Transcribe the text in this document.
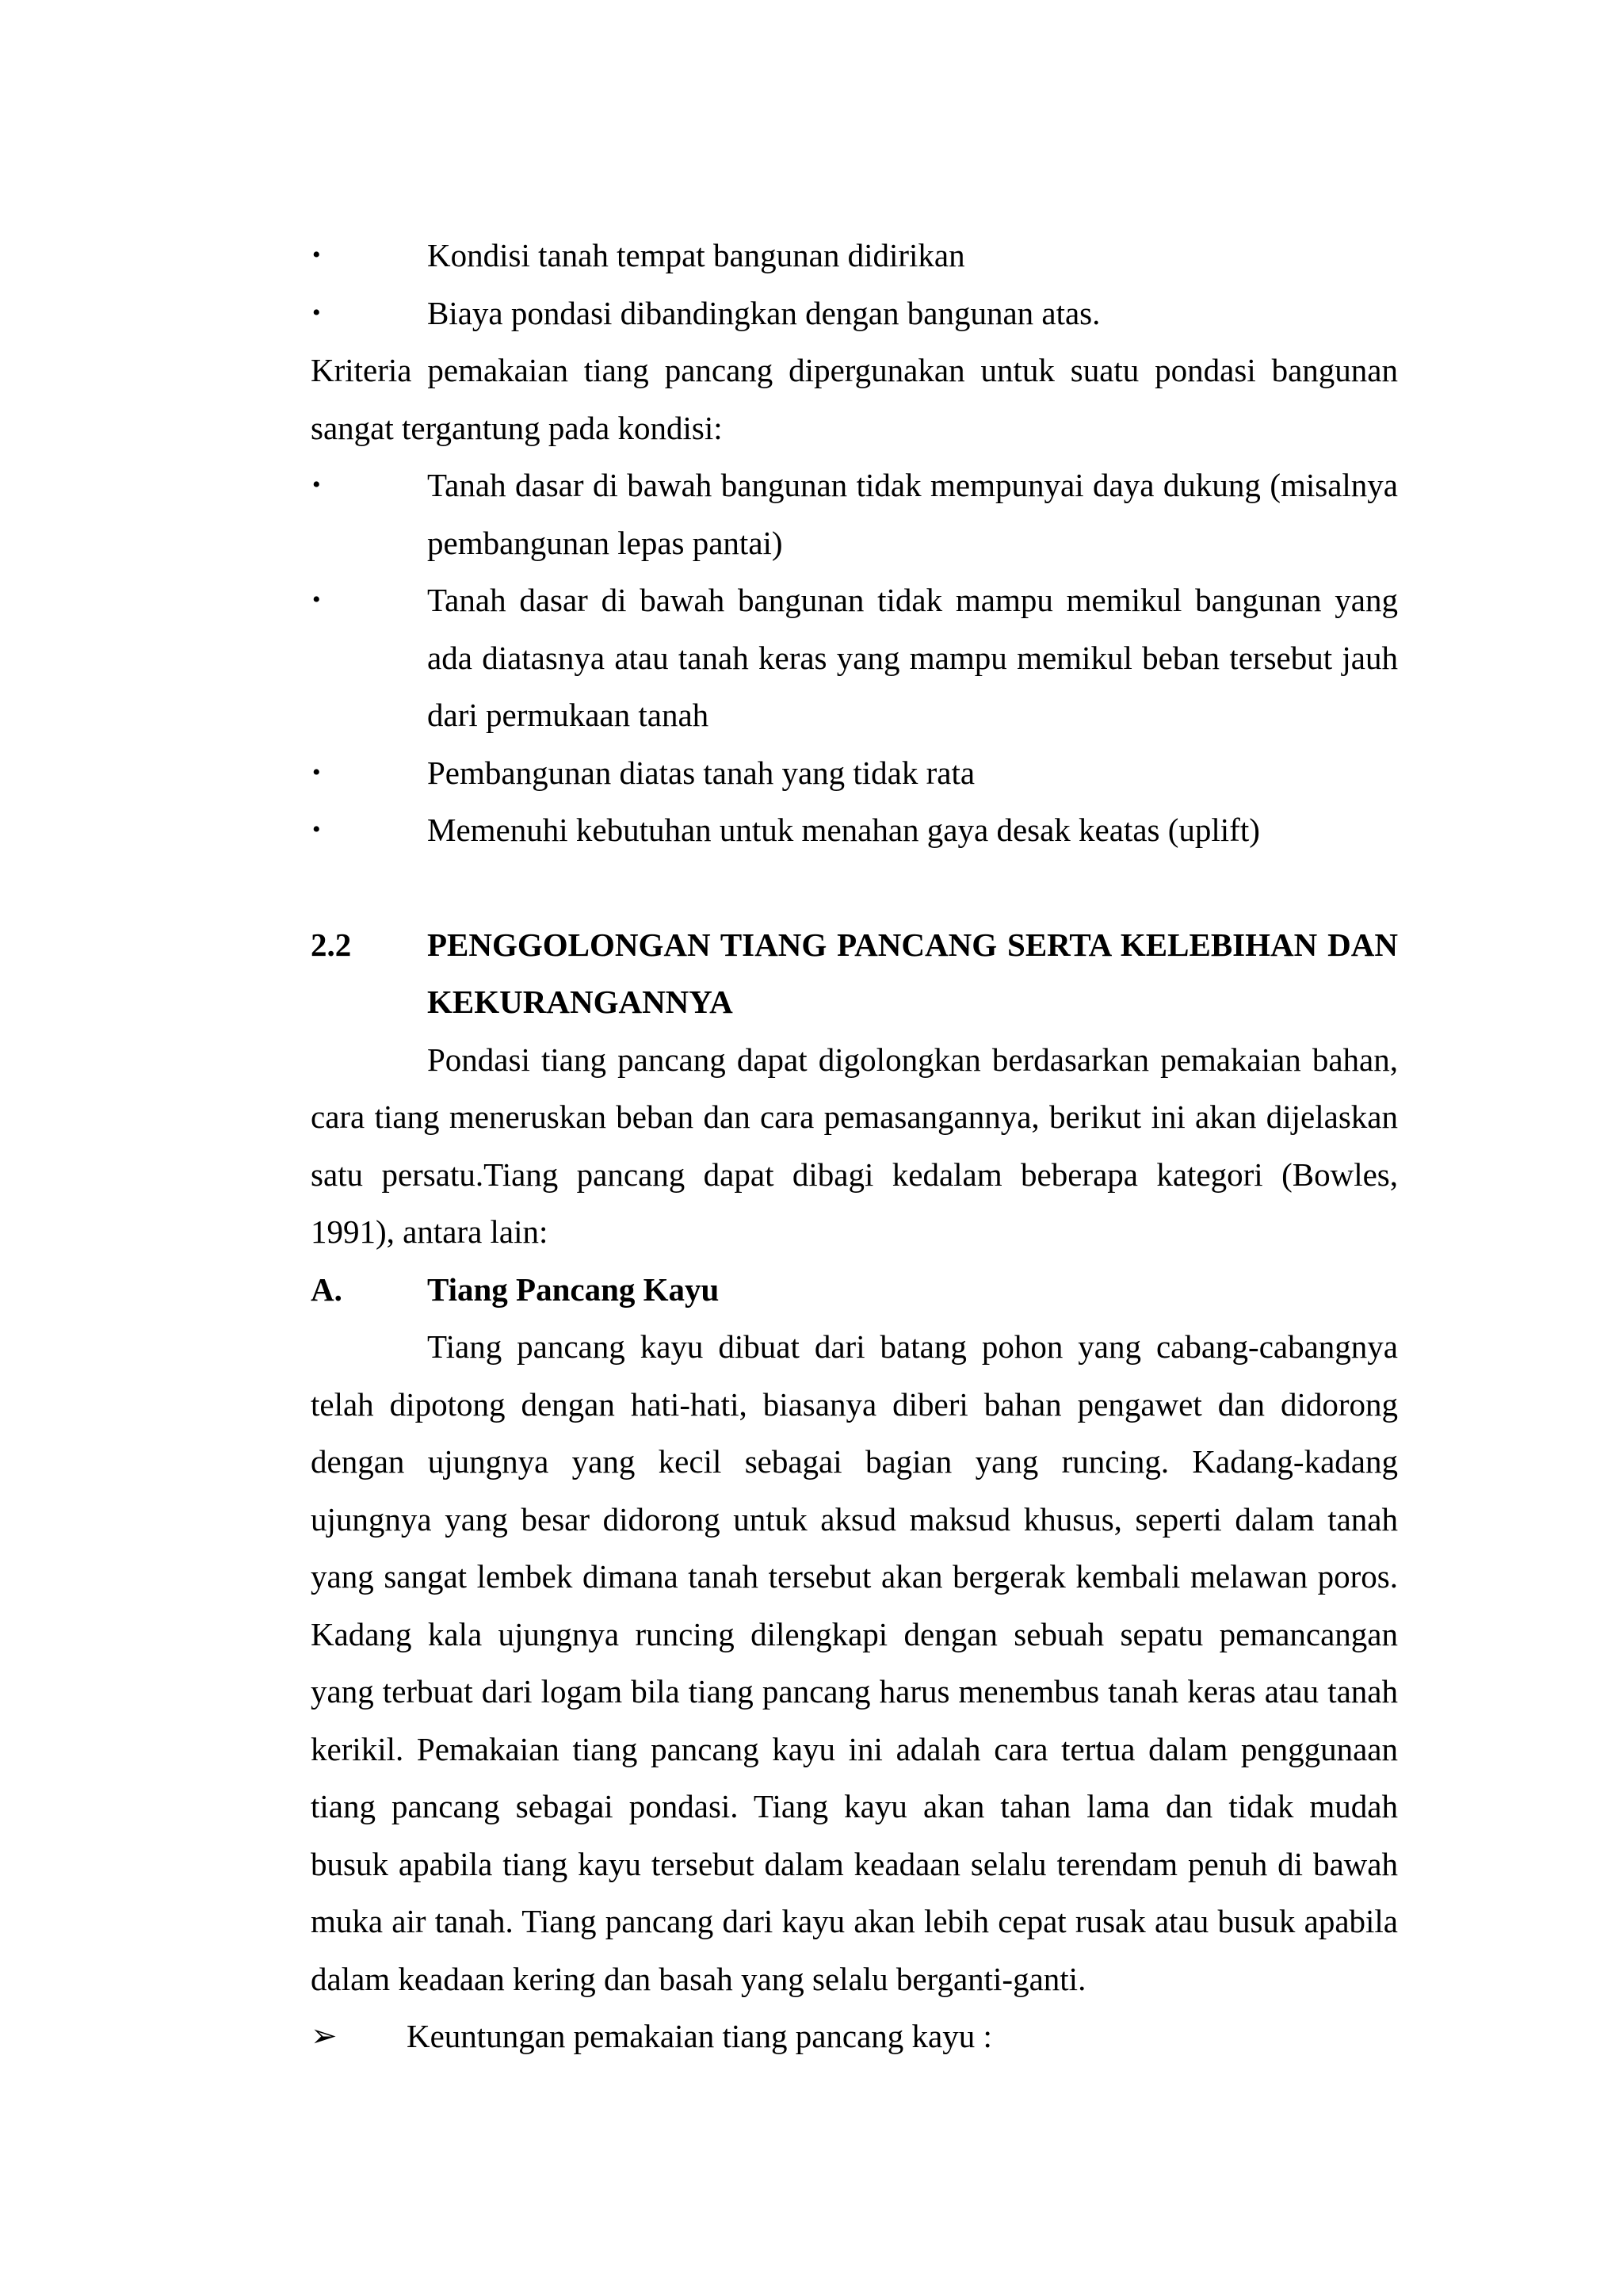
•	Kondisi tanah tempat bangunan didirikan
•	Biaya pondasi dibandingkan dengan bangunan atas.
Kriteria pemakaian tiang pancang dipergunakan untuk suatu pondasi bangunan sangat tergantung pada kondisi:
•	Tanah dasar di bawah bangunan tidak mempunyai daya dukung (misalnya pembangunan lepas pantai)
•	Tanah dasar di bawah bangunan tidak mampu memikul bangunan yang ada diatasnya atau tanah keras yang mampu memikul beban tersebut jauh dari permukaan tanah
•	Pembangunan diatas tanah yang tidak rata
•	Memenuhi kebutuhan untuk menahan gaya desak keatas (uplift)
2.2 PENGGOLONGAN TIANG PANCANG SERTA KELEBIHAN DAN KEKURANGANNYA
Pondasi tiang pancang dapat digolongkan berdasarkan pemakaian bahan, cara tiang meneruskan beban dan cara pemasangannya, berikut ini akan dijelaskan satu persatu.Tiang pancang dapat dibagi kedalam beberapa kategori (Bowles, 1991), antara lain:
A.	Tiang Pancang Kayu
Tiang pancang kayu dibuat dari batang pohon yang cabang-cabangnya telah dipotong dengan hati-hati, biasanya diberi bahan pengawet dan didorong dengan ujungnya yang kecil sebagai bagian yang runcing. Kadang-kadang ujungnya yang besar didorong untuk aksud maksud khusus, seperti dalam tanah yang sangat lembek dimana tanah tersebut akan bergerak kembali melawan poros. Kadang kala ujungnya runcing dilengkapi dengan sebuah sepatu pemancangan yang terbuat dari logam bila tiang pancang harus menembus tanah keras atau tanah kerikil. Pemakaian tiang pancang kayu ini adalah cara tertua dalam penggunaan tiang pancang sebagai pondasi. Tiang kayu akan tahan lama dan tidak mudah busuk apabila tiang kayu tersebut dalam keadaan selalu terendam penuh di bawah muka air tanah. Tiang pancang dari kayu akan lebih cepat rusak atau busuk apabila dalam keadaan kering dan basah yang selalu berganti-ganti.
➢ Keuntungan pemakaian tiang pancang kayu :
